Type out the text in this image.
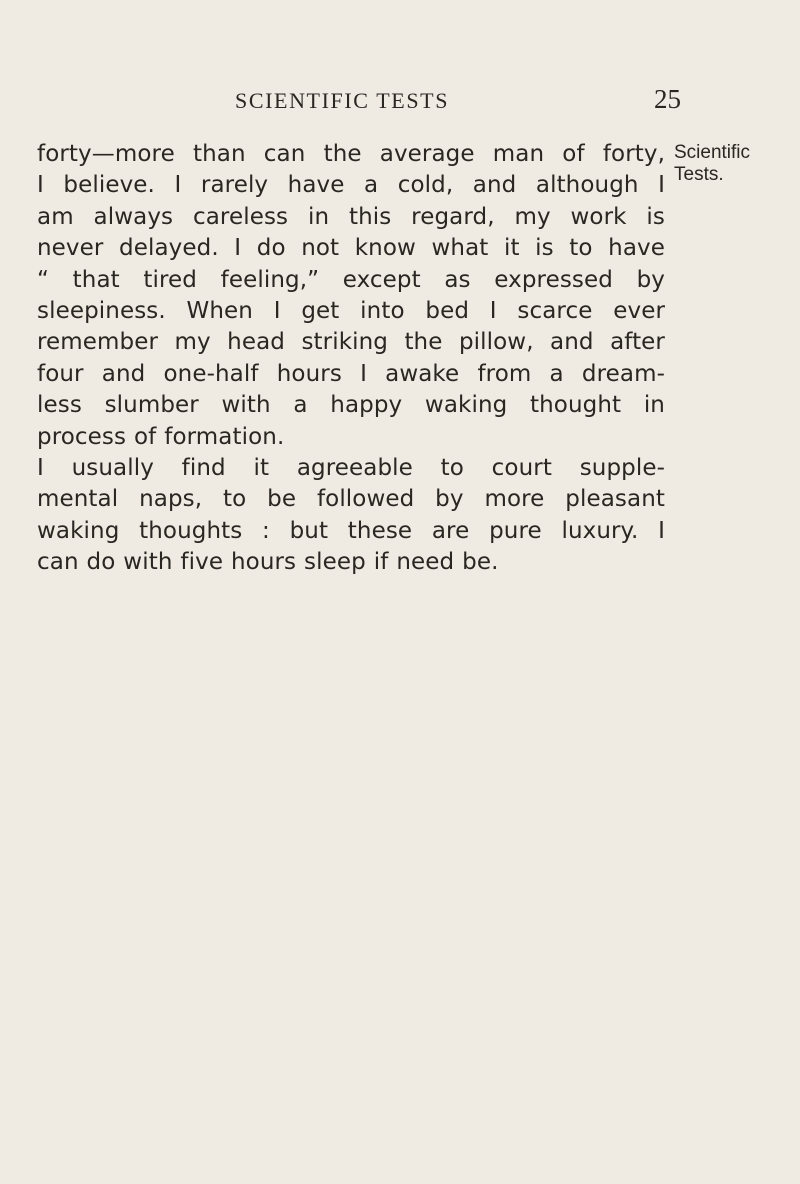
SCIENTIFIC TESTS	25
forty—more than can the average man of forty,
I believe. I rarely have a cold, and although I
am always careless in this regard, my work is
never delayed. I do not know what it is to have
“ that tired feeling,” except as expressed by
sleepiness. When I get into bed I scarce ever
remember my head striking the pillow, and after
four and one-half hours I awake from a dream-
less slumber with a happy waking thought in
process of formation.
I usually find it agreeable to court supple-
mental naps, to be followed by more pleasant
waking thoughts : but these are pure luxury. I
can do with five hours sleep if need be.
Scientific
Tests.
